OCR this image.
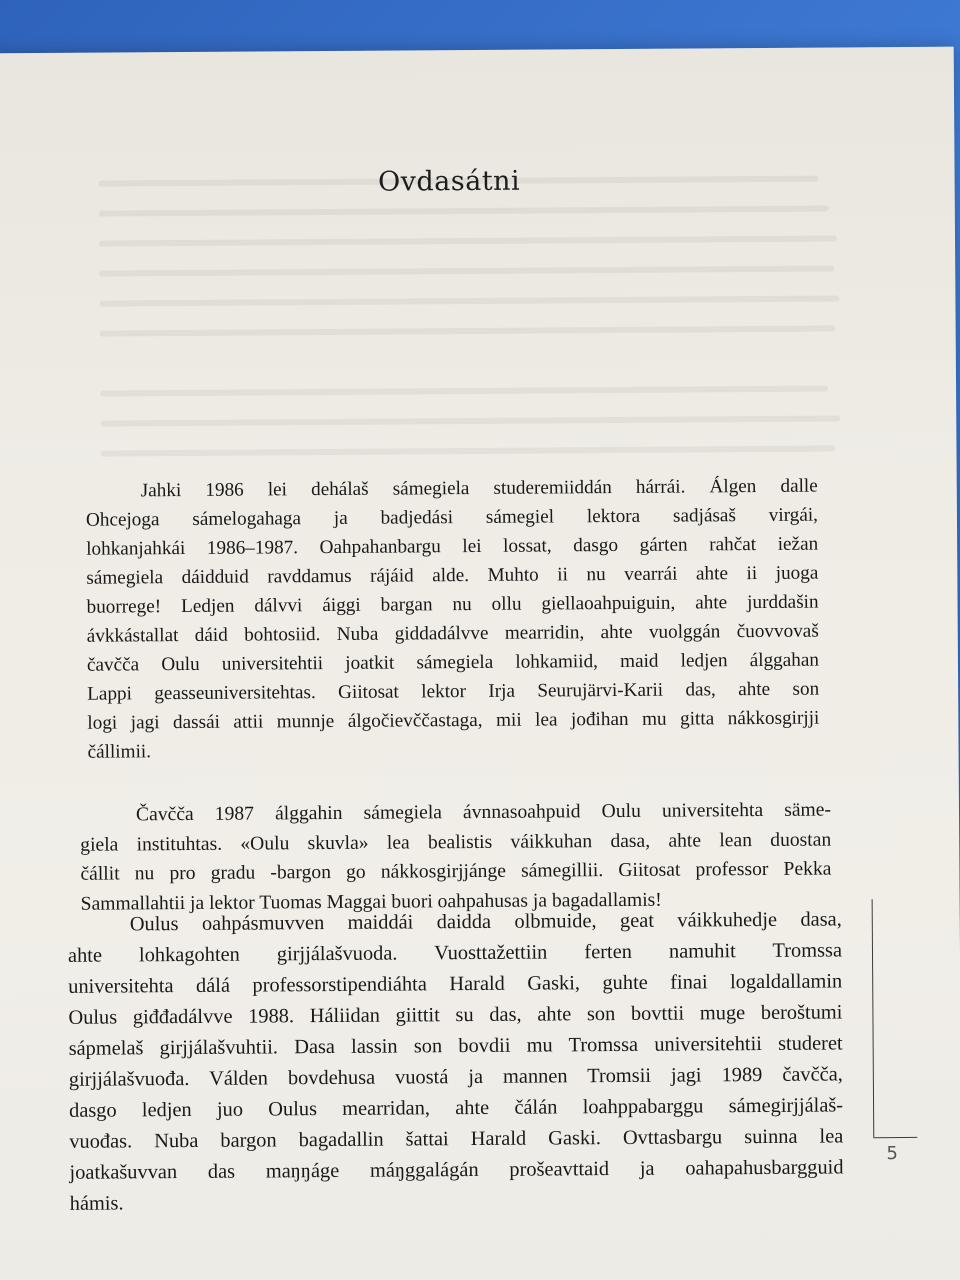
Ovdasátni
Jahki 1986 lei dehálaš sámegiela studeremiiddán hárrái. Álgen dalle
Ohcejoga sámelogahaga ja badjedási sámegiel lektora sadjásaš virgái,
lohkanjahkái 1986–1987. Oahpahanbargu lei lossat, dasgo gárten rahčat iežan
sámegiela dáidduid ravddamus rájáid alde. Muhto ii nu vearrái ahte ii juoga
buorrege! Ledjen dálvvi áiggi bargan nu ollu giellaoahpuiguin, ahte jurddašin
ávkkástallat dáid bohtosiid. Nuba giddadálvve mearridin, ahte vuolggán čuovvovaš
čavčča Oulu universitehtii joatkit sámegiela lohkamiid, maid ledjen álggahan
Lappi geasseuniversitehtas. Giitosat lektor Irja Seurujärvi-Karii das, ahte son
logi jagi dassái attii munnje álgočievččastaga, mii lea jođihan mu gitta nákkosgirjji
čállimii.
Čavčča 1987 álggahin sámegiela ávnnasoahpuid Oulu universitehta säme-
giela instituhtas. «Oulu skuvla» lea bealistis váikkuhan dasa, ahte lean duostan
čállit nu pro gradu -bargon go nákkosgirjjánge sámegillii. Giitosat professor Pekka
Sammallahtii ja lektor Tuomas Maggai buori oahpahusas ja bagadallamis!
Oulus oahpásmuvven maiddái daidda olbmuide, geat váikkuhedje dasa,
ahte lohkagohten girjjálašvuoda. Vuosttažettiin ferten namuhit Tromssa
universitehta dálá professorstipendiáhta Harald Gaski, guhte finai logaldallamin
Oulus giđđadálvve 1988. Háliidan giittit su das, ahte son bovttii muge beroštumi
sápmelaš girjjálašvuhtii. Dasa lassin son bovdii mu Tromssa universitehtii studeret
girjjálašvuođa. Válden bovdehusa vuostá ja mannen Tromsii jagi 1989 čavčča,
dasgo ledjen juo Oulus mearridan, ahte čálán loahppabarggu sámegirjjálaš-
vuođas. Nuba bargon bagadallin šattai Harald Gaski. Ovttasbargu suinna lea
joatkašuvvan das maŋŋáge máŋggalágán prošeavttaid ja oahapahusbargguid
hámis.
5
